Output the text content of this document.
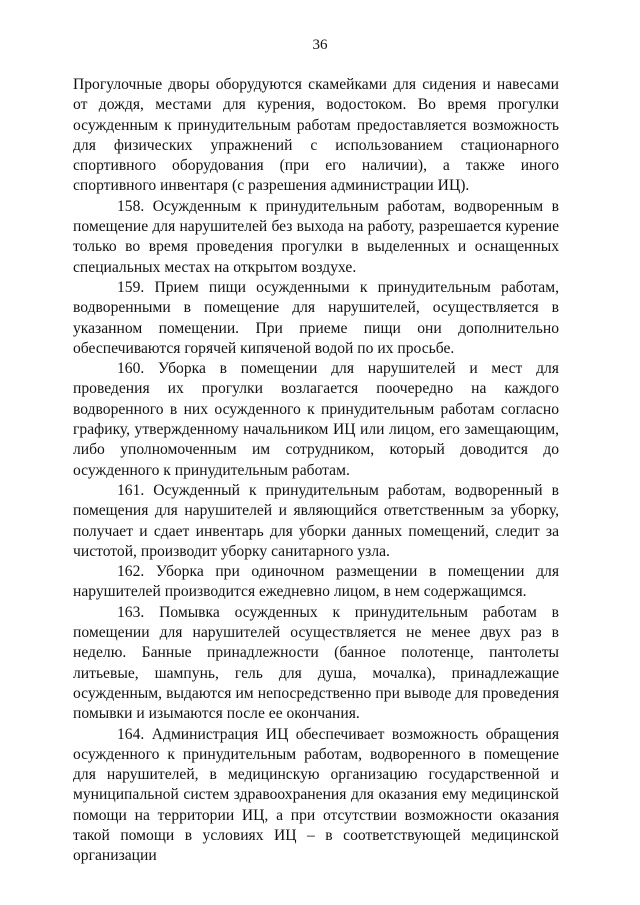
36

Прогулочные дворы оборудуются скамейками для сидения и навесами от дождя, местами для курения, водостоком. Во время прогулки осужденным к принудительным работам предоставляется возможность для физических упражнений с использованием стационарного спортивного оборудования (при его наличии), а также иного спортивного инвентаря (с разрешения администрации ИЦ).

158. Осужденным к принудительным работам, водворенным в помещение для нарушителей без выхода на работу, разрешается курение только во время проведения прогулки в выделенных и оснащенных специальных местах на открытом воздухе.

159. Прием пищи осужденными к принудительным работам, водворенными в помещение для нарушителей, осуществляется в указанном помещении. При приеме пищи они дополнительно обеспечиваются горячей кипяченой водой по их просьбе.

160. Уборка в помещении для нарушителей и мест для проведения их прогулки возлагается поочередно на каждого водворенного в них осужденного к принудительным работам согласно графику, утвержденному начальником ИЦ или лицом, его замещающим, либо уполномоченным им сотрудником, который доводится до осужденного к принудительным работам.

161. Осужденный к принудительным работам, водворенный в помещения для нарушителей и являющийся ответственным за уборку, получает и сдает инвентарь для уборки данных помещений, следит за чистотой, производит уборку санитарного узла.

162. Уборка при одиночном размещении в помещении для нарушителей производится ежедневно лицом, в нем содержащимся.

163. Помывка осужденных к принудительным работам в помещении для нарушителей осуществляется не менее двух раз в неделю. Банные принадлежности (банное полотенце, пантолеты литьевые, шампунь, гель для душа, мочалка), принадлежащие осужденным, выдаются им непосредственно при выводе для проведения помывки и изымаются после ее окончания.

164. Администрация ИЦ обеспечивает возможность обращения осужденного к принудительным работам, водворенного в помещение для нарушителей, в медицинскую организацию государственной и муниципальной систем здравоохранения для оказания ему медицинской помощи на территории ИЦ, а при отсутствии возможности оказания такой помощи в условиях ИЦ – в соответствующей медицинской организации
